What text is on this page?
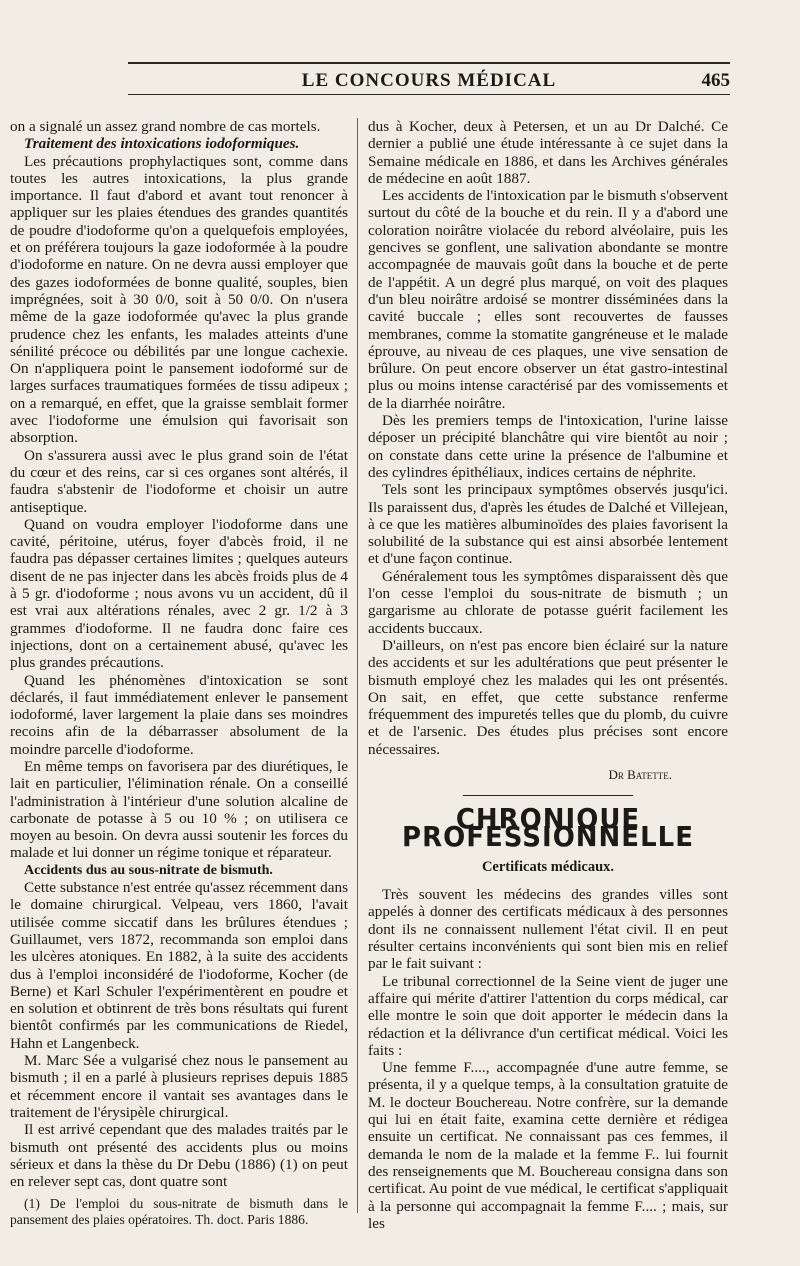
LE CONCOURS MÉDICAL	465

on a signalé un assez grand nombre de cas mortels.

Traitement des intoxications iodoformiques.

Les précautions prophylactiques sont, comme dans toutes les autres intoxications, la plus grande importance. Il faut d'abord et avant tout renoncer à appliquer sur les plaies étendues des grandes quantités de poudre d'iodoforme qu'on a quelquefois employées, et on préférera toujours la gaze iodoformée à la poudre d'iodoforme en nature. On ne devra aussi employer que des gazes iodoformées de bonne qualité, souples, bien imprégnées, soit à 30 0/0, soit à 50 0/0. On n'usera même de la gaze iodoformée qu'avec la plus grande prudence chez les enfants, les malades atteints d'une sénilité précoce ou débilités par une longue cachexie. On n'appliquera point le pansement iodoformé sur de larges surfaces traumatiques formées de tissu adipeux ; on a remarqué, en effet, que la graisse semblait former avec l'iodoforme une émulsion qui favorisait son absorption.

On s'assurera aussi avec le plus grand soin de l'état du cœur et des reins, car si ces organes sont altérés, il faudra s'abstenir de l'iodoforme et choisir un autre antiseptique.

Quand on voudra employer l'iodoforme dans une cavité, péritoine, utérus, foyer d'abcès froid, il ne faudra pas dépasser certaines limites ; quelques auteurs disent de ne pas injecter dans les abcès froids plus de 4 à 5 gr. d'iodoforme ; nous avons vu un accident, dû il est vrai aux altérations rénales, avec 2 gr. 1/2 à 3 grammes d'iodoforme. Il ne faudra donc faire ces injections, dont on a certainement abusé, qu'avec les plus grandes précautions.

Quand les phénomènes d'intoxication se sont déclarés, il faut immédiatement enlever le pansement iodoformé, laver largement la plaie dans ses moindres recoins afin de la débarrasser absolument de la moindre parcelle d'iodoforme.

En même temps on favorisera par des diurétiques, le lait en particulier, l'élimination rénale. On a conseillé l'administration à l'intérieur d'une solution alcaline de carbonate de potasse à 5 ou 10 % ; on utilisera ce moyen au besoin. On devra aussi soutenir les forces du malade et lui donner un régime tonique et réparateur.

Accidents dus au sous-nitrate de bismuth.

Cette substance n'est entrée qu'assez récemment dans le domaine chirurgical. Velpeau, vers 1860, l'avait utilisée comme siccatif dans les brûlures étendues ; Guillaumet, vers 1872, recommanda son emploi dans les ulcères atoniques. En 1882, à la suite des accidents dus à l'emploi inconsidéré de l'iodoforme, Kocher (de Berne) et Karl Schuler l'expérimentèrent en poudre et en solution et obtinrent de très bons résultats qui furent bientôt confirmés par les communications de Riedel, Hahn et Langenbeck.

M. Marc Sée a vulgarisé chez nous le pansement au bismuth ; il en a parlé à plusieurs reprises depuis 1885 et récemment encore il vantait ses avantages dans le traitement de l'érysipèle chirurgical.

Il est arrivé cependant que des malades traités par le bismuth ont présenté des accidents plus ou moins sérieux et dans la thèse du Dr Debu (1886) (1) on peut en relever sept cas, dont quatre sont

(1) De l'emploi du sous-nitrate de bismuth dans le pansement des plaies opératoires. Th. doct. Paris 1886.

dus à Kocher, deux à Petersen, et un au Dr Dalché. Ce dernier a publié une étude intéressante à ce sujet dans la Semaine médicale en 1886, et dans les Archives générales de médecine en août 1887.

Les accidents de l'intoxication par le bismuth s'observent surtout du côté de la bouche et du rein. Il y a d'abord une coloration noirâtre violacée du rebord alvéolaire, puis les gencives se gonflent, une salivation abondante se montre accompagnée de mauvais goût dans la bouche et de perte de l'appétit. A un degré plus marqué, on voit des plaques d'un bleu noirâtre ardoisé se montrer disséminées dans la cavité buccale ; elles sont recouvertes de fausses membranes, comme la stomatite gangréneuse et le malade éprouve, au niveau de ces plaques, une vive sensation de brûlure. On peut encore observer un état gastro-intestinal plus ou moins intense caractérisé par des vomissements et de la diarrhée noirâtre.

Dès les premiers temps de l'intoxication, l'urine laisse déposer un précipité blanchâtre qui vire bientôt au noir ; on constate dans cette urine la présence de l'albumine et des cylindres épithéliaux, indices certains de néphrite.

Tels sont les principaux symptômes observés jusqu'ici. Ils paraissent dus, d'après les études de Dalché et Villejean, à ce que les matières albuminoïdes des plaies favorisent la solubilité de la substance qui est ainsi absorbée lentement et d'une façon continue.

Généralement tous les symptômes disparaissent dès que l'on cesse l'emploi du sous-nitrate de bismuth ; un gargarisme au chlorate de potasse guérit facilement les accidents buccaux.

D'ailleurs, on n'est pas encore bien éclairé sur la nature des accidents et sur les adultérations que peut présenter le bismuth employé chez les malades qui les ont présentés. On sait, en effet, que cette substance renferme fréquemment des impuretés telles que du plomb, du cuivre et de l'arsenic. Des études plus précises sont encore nécessaires.

Dr Batette.

CHRONIQUE PROFESSIONNELLE
Certificats médicaux.

Très souvent les médecins des grandes villes sont appelés à donner des certificats médicaux à des personnes dont ils ne connaissent nullement l'état civil. Il en peut résulter certains inconvénients qui sont bien mis en relief par le fait suivant :

Le tribunal correctionnel de la Seine vient de juger une affaire qui mérite d'attirer l'attention du corps médical, car elle montre le soin que doit apporter le médecin dans la rédaction et la délivrance d'un certificat médical. Voici les faits :

Une femme F...., accompagnée d'une autre femme, se présenta, il y a quelque temps, à la consultation gratuite de M. le docteur Bouchereau. Notre confrère, sur la demande qui lui en était faite, examina cette dernière et rédigea ensuite un certificat. Ne connaissant pas ces femmes, il demanda le nom de la malade et la femme F.. lui fournit des renseignements que M. Bouchereau consigna dans son certificat. Au point de vue médical, le certificat s'appliquait à la personne qui accompagnait la femme F.... ; mais, sur les
